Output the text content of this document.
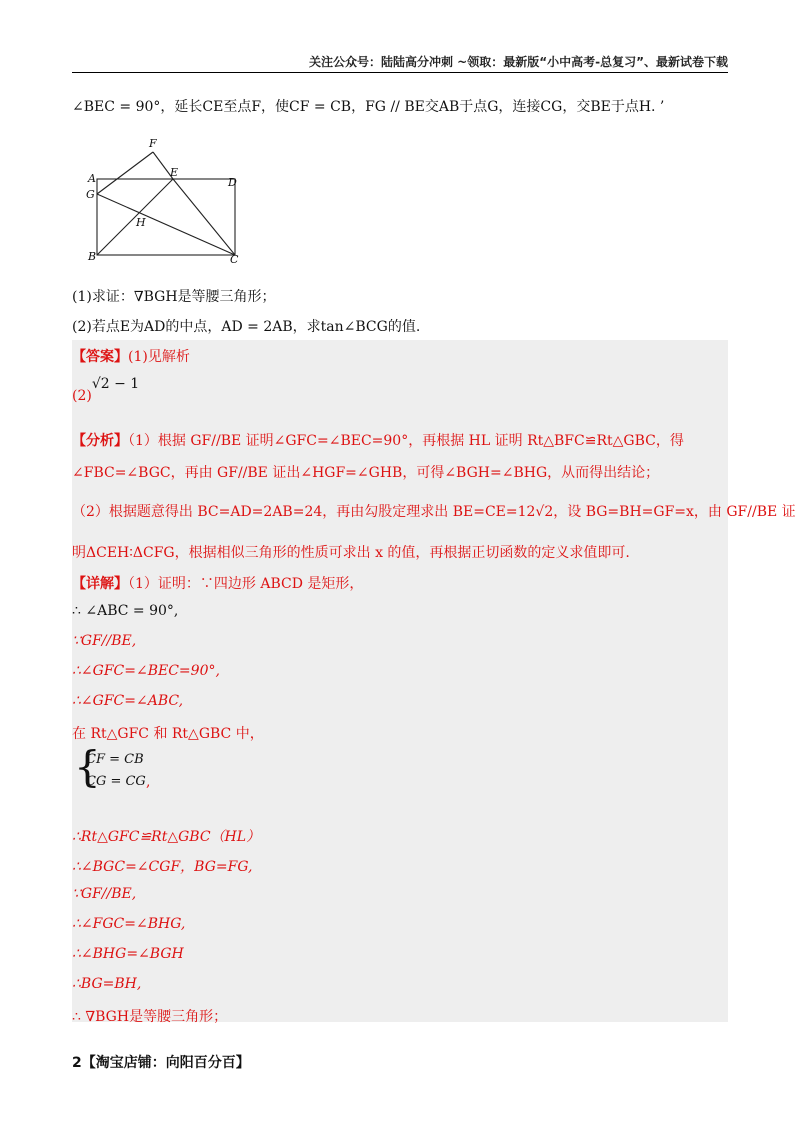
关注公众号：陆陆高分冲刺 ~领取：最新版“小中高考-总复习”、最新试卷下载
∠BEC = 90°，延长CE至点F，使CF = CB，FG // BE交AB于点G，连接CG，交BE于点H. ’
F
E
A	D
G
H
B	C
(1)求证：∇BGH是等腰三角形；
(2)若点E为AD的中点，AD = 2AB，求tan∠BCG的值.
【答案】(1)见解析
(2)√2 − 1
【分析】（1）根据 GF//BE 证明∠GFC=∠BEC=90°，再根据 HL 证明 Rt△BFC≌Rt△GBC，得
∠FBC=∠BGC，再由 GF//BE 证出∠HGF=∠GHB，可得∠BGH=∠BHG，从而得出结论；
（2）根据题意得出 BC=AD=2AB=24，再由勾股定理求出 BE=CE=12√2，设 BG=BH=GF=x，由 GF//BE 证
明ΔCEH∶ΔCFG，根据相似三角形的性质可求出 x 的值，再根据正切函数的定义求值即可.
【详解】（1）证明：∵四边形 ABCD 是矩形，
∴ ∠ABC = 90°,
∵GF//BE,
∴∠GFC=∠BEC=90°,
∴∠GFC=∠ABC,
在 Rt△GFC 和 Rt△GBC 中，
{
CF = CB
CG = CG ,
∴Rt△GFC≌Rt△GBC（HL）
∴∠BGC=∠CGF，BG=FG,
∵GF//BE,
∴∠FGC=∠BHG,
∴∠BHG=∠BGH
∴BG=BH,
∴ ∇BGH是等腰三角形；
2【淘宝店铺：向阳百分百】
